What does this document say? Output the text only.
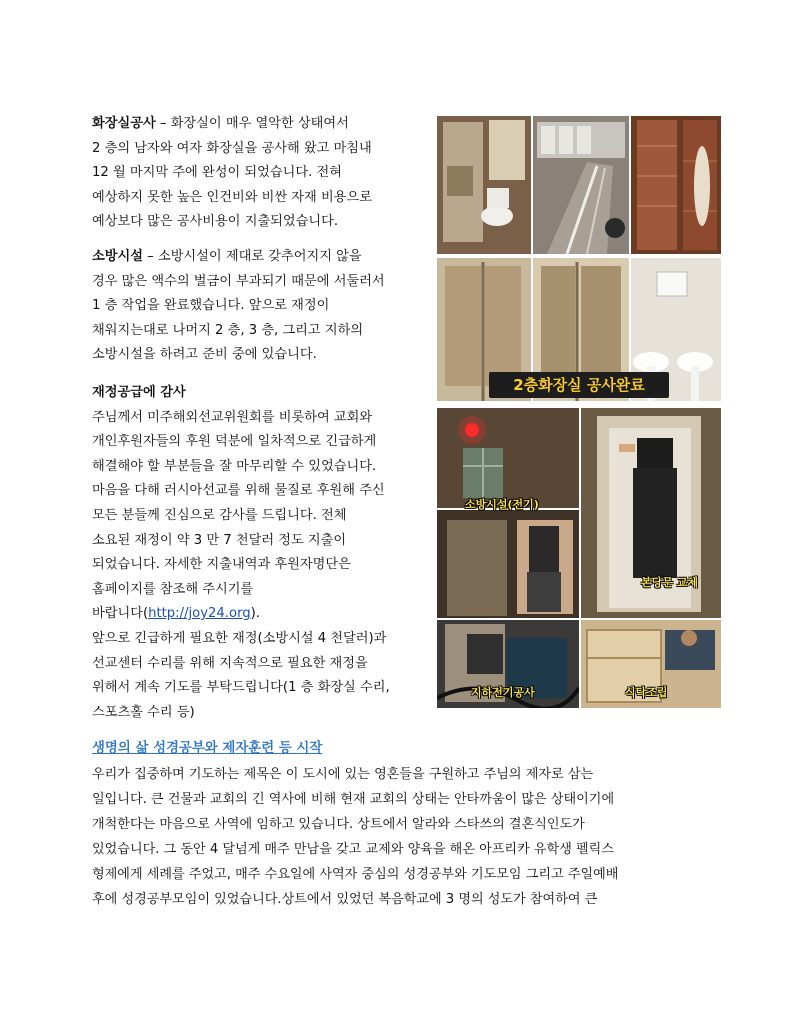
화장실공사 – 화장실이 매우 열악한 상태여서
2 층의 남자와 여자 화장실을 공사해 왔고 마침내
12 월 마지막 주에 완성이 되었습니다. 전혀
예상하지 못한 높은 인건비와 비싼 자재 비용으로
예상보다 많은 공사비용이 지출되었습니다.
소방시설 – 소방시설이 제대로 갖추어지지 않을
경우 많은 액수의 벌금이 부과되기 때문에 서둘러서
1 층 작업을 완료했습니다. 앞으로 재정이
채워지는대로 나머지 2 층, 3 층, 그리고 지하의
소방시설을 하려고 준비 중에 있습니다.
재정공급에 감사
주님께서 미주해외선교위원회를 비롯하여 교회와
개인후원자들의 후원 덕분에 일차적으로 긴급하게
해결해야 할 부분들을 잘 마무리할 수 있었습니다.
마음을 다해 러시아선교를 위해 물질로 후원해 주신
모든 분들께 진심으로 감사를 드립니다. 전체
소요된 재정이 약 3 만 7 천달러 정도 지출이
되었습니다. 자세한 지출내역과 후원자명단은
홈페이지를 참조해 주시기를
바랍니다(http://joy24.org).
앞으로 긴급하게 필요한 재정(소방시설 4 천달러)과
선교센터 수리를 위해 지속적으로 필요한 재정을
위해서 계속 기도를 부탁드립니다(1 층 화장실 수리,
스포츠홀 수리 등)
생명의 삶 성경공부와 제자훈련 등 시작
우리가 집중하며 기도하는 제목은 이 도시에 있는 영혼들을 구원하고 주님의 제자로 삼는
일입니다. 큰 건물과 교회의 긴 역사에 비해 현재 교회의 상태는 안타까움이 많은 상태이기에
개척한다는 마음으로 사역에 임하고 있습니다. 상트에서 알라와 스타쓰의 결혼식인도가
있었습니다. 그 동안 4 달넘게 매주 만남을 갖고 교제와 양육을 해온 아프리카 유학생 펠릭스
형제에게 세례를 주었고, 매주 수요일에 사역자 중심의 성경공부와 기도모임 그리고 주일예배
후에 성경공부모임이 있었습니다.상트에서 있었던 복음학교에 3 명의 성도가 참여하여 큰
2층화장실 공사완료
소방시설(전기)
본당문 교체
지하전기공사	식탁조립
